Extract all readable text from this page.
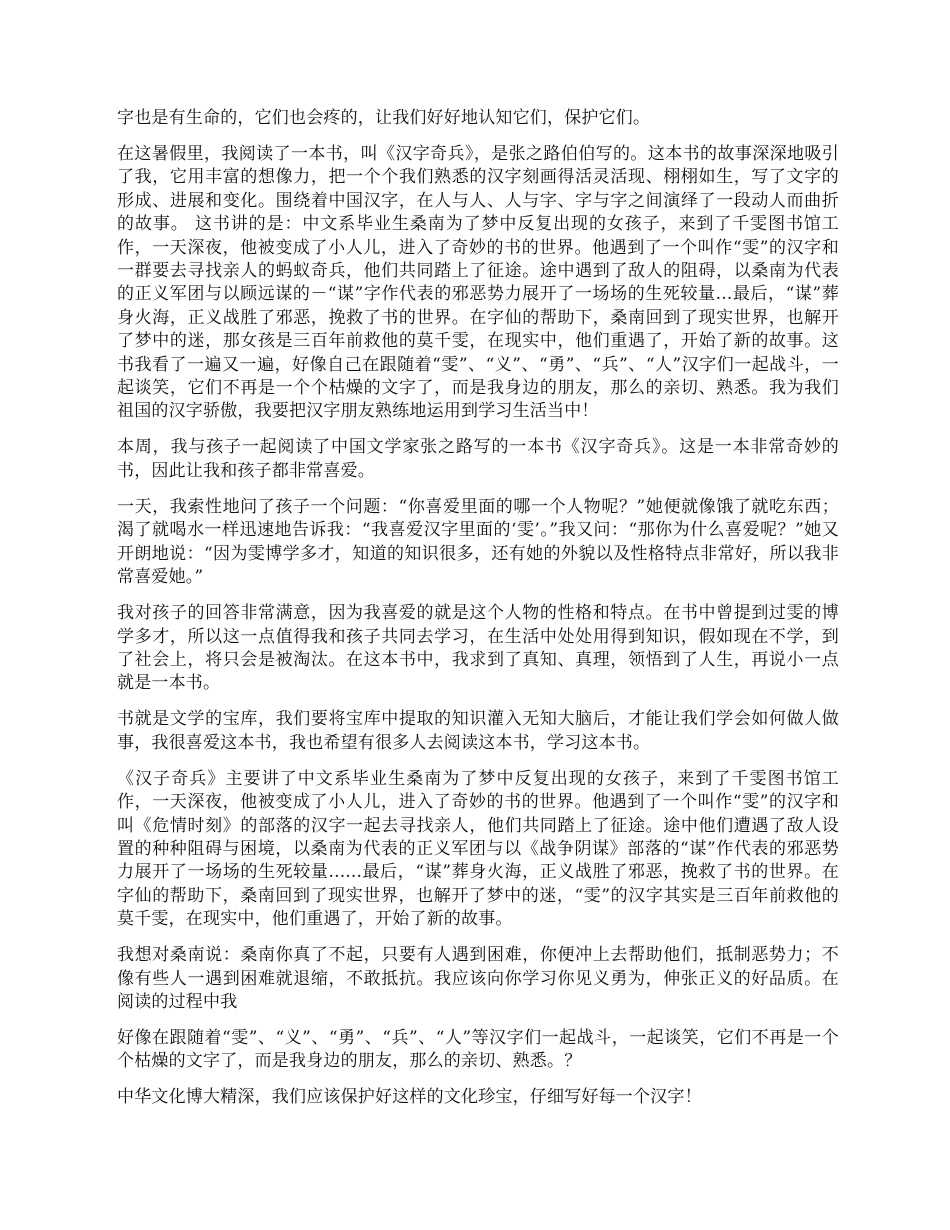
字也是有生命的，它们也会疼的，让我们好好地认知它们，保护它们。

在这暑假里，我阅读了一本书，叫《汉字奇兵》，是张之路伯伯写的。这本书的故事深深地吸引了我，它用丰富的想像力，把一个个我们熟悉的汉字刻画得活灵活现、栩栩如生，写了文字的形成、进展和变化。围绕着中国汉字，在人与人、人与字、字与字之间演绎了一段动人而曲折的故事。 这书讲的是：中文系毕业生桑南为了梦中反复出现的女孩子，来到了千雯图书馆工作，一天深夜，他被变成了小人儿，进入了奇妙的书的世界。他遇到了一个叫作“雯”的汉字和一群要去寻找亲人的蚂蚁奇兵，他们共同踏上了征途。途中遇到了敌人的阻碍，以桑南为代表的正义军团与以顾远谋的－“谋”字作代表的邪恶势力展开了一场场的生死较量...最后，“谋”葬身火海，正义战胜了邪恶，挽救了书的世界。在字仙的帮助下，桑南回到了现实世界，也解开了梦中的迷，那女孩是三百年前救他的莫千雯，在现实中，他们重遇了，开始了新的故事。这书我看了一遍又一遍，好像自己在跟随着“雯”、“义”、“勇”、“兵”、“人”汉字们一起战斗，一起谈笑，它们不再是一个个枯燥的文字了，而是我身边的朋友，那么的亲切、熟悉。我为我们祖国的汉字骄傲，我要把汉字朋友熟练地运用到学习生活当中！

本周，我与孩子一起阅读了中国文学家张之路写的一本书《汉字奇兵》。这是一本非常奇妙的书，因此让我和孩子都非常喜爱。

一天，我索性地问了孩子一个问题：“你喜爱里面的哪一个人物呢？”她便就像饿了就吃东西；渴了就喝水一样迅速地告诉我：“我喜爱汉字里面的‘雯’。”我又问：“那你为什么喜爱呢？”她又开朗地说：“因为雯博学多才，知道的知识很多，还有她的外貌以及性格特点非常好，所以我非常喜爱她。”

我对孩子的回答非常满意，因为我喜爱的就是这个人物的性格和特点。在书中曾提到过雯的博学多才，所以这一点值得我和孩子共同去学习，在生活中处处用得到知识，假如现在不学，到了社会上，将只会是被淘汰。在这本书中，我求到了真知、真理，领悟到了人生，再说小一点就是一本书。

书就是文学的宝库，我们要将宝库中提取的知识灌入无知大脑后，才能让我们学会如何做人做事，我很喜爱这本书，我也希望有很多人去阅读这本书，学习这本书。

《汉子奇兵》主要讲了中文系毕业生桑南为了梦中反复出现的女孩子，来到了千雯图书馆工作，一天深夜，他被变成了小人儿，进入了奇妙的书的世界。他遇到了一个叫作“雯”的汉字和叫《危情时刻》的部落的汉字一起去寻找亲人，他们共同踏上了征途。途中他们遭遇了敌人设置的种种阻碍与困境，以桑南为代表的正义军团与以《战争阴谋》部落的“谋”作代表的邪恶势力展开了一场场的生死较量......最后，“谋”葬身火海，正义战胜了邪恶，挽救了书的世界。在字仙的帮助下，桑南回到了现实世界，也解开了梦中的迷，“雯”的汉字其实是三百年前救他的莫千雯，在现实中，他们重遇了，开始了新的故事。

我想对桑南说：桑南你真了不起，只要有人遇到困难，你便冲上去帮助他们，抵制恶势力；不像有些人一遇到困难就退缩，不敢抵抗。我应该向你学习你见义勇为，伸张正义的好品质。在阅读的过程中我

好像在跟随着“雯”、“义”、“勇”、“兵”、“人”等汉字们一起战斗，一起谈笑，它们不再是一个个枯燥的文字了，而是我身边的朋友，那么的亲切、熟悉。？

中华文化博大精深，我们应该保护好这样的文化珍宝，仔细写好每一个汉字！
